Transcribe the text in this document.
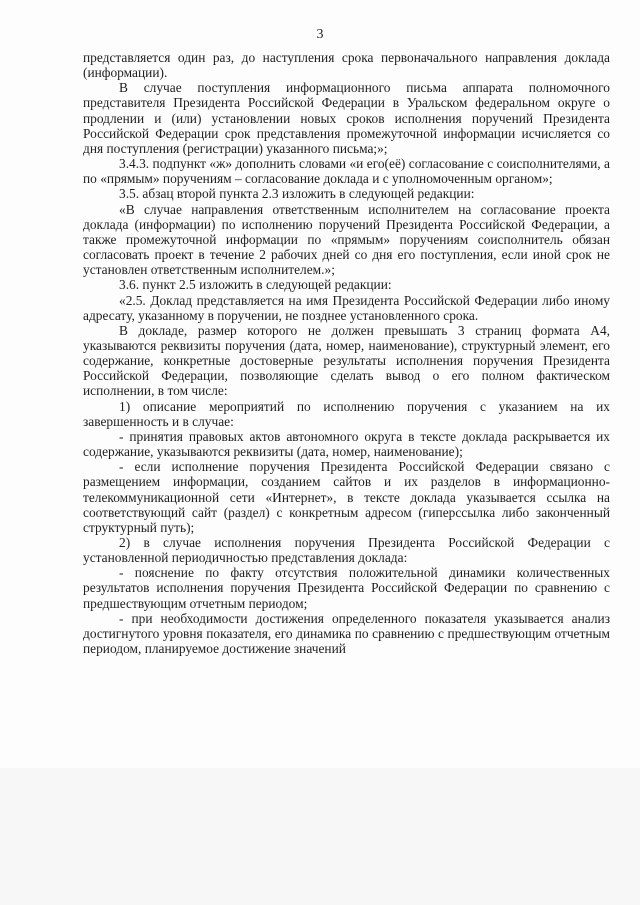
3

представляется один раз, до наступления срока первоначального направления доклада (информации).

В случае поступления информационного письма аппарата полномочного представителя Президента Российской Федерации в Уральском федеральном округе о продлении и (или) установлении новых сроков исполнения поручений Президента Российской Федерации срок представления промежуточной информации исчисляется со дня поступления (регистрации) указанного письма;»;

3.4.3. подпункт «ж» дополнить словами «и его(её) согласование с соисполнителями, а по «прямым» поручениям – согласование доклада и с уполномоченным органом»;

3.5. абзац второй пункта 2.3 изложить в следующей редакции:

«В случае направления ответственным исполнителем на согласование проекта доклада (информации) по исполнению поручений Президента Российской Федерации, а также промежуточной информации по «прямым» поручениям соисполнитель обязан согласовать проект в течение 2 рабочих дней со дня его поступления, если иной срок не установлен ответственным исполнителем.»;

3.6. пункт 2.5 изложить в следующей редакции:

«2.5. Доклад представляется на имя Президента Российской Федерации либо иному адресату, указанному в поручении, не позднее установленного срока.

В докладе, размер которого не должен превышать 3 страниц формата А4, указываются реквизиты поручения (дата, номер, наименование), структурный элемент, его содержание, конкретные достоверные результаты исполнения поручения Президента Российской Федерации, позволяющие сделать вывод о его полном фактическом исполнении, в том числе:

1) описание мероприятий по исполнению поручения с указанием на их завершенность и в случае:

- принятия правовых актов автономного округа в тексте доклада раскрывается их содержание, указываются реквизиты (дата, номер, наименование);

- если исполнение поручения Президента Российской Федерации связано с размещением информации, созданием сайтов и их разделов в информационно-телекоммуникационной сети «Интернет», в тексте доклада указывается ссылка на соответствующий сайт (раздел) с конкретным адресом (гиперссылка либо законченный структурный путь);

2) в случае исполнения поручения Президента Российской Федерации с установленной периодичностью представления доклада:

- пояснение по факту отсутствия положительной динамики количественных результатов исполнения поручения Президента Российской Федерации по сравнению с предшествующим отчетным периодом;

- при необходимости достижения определенного показателя указывается анализ достигнутого уровня показателя, его динамика по сравнению с предшествующим отчетным периодом, планируемое достижение значений
